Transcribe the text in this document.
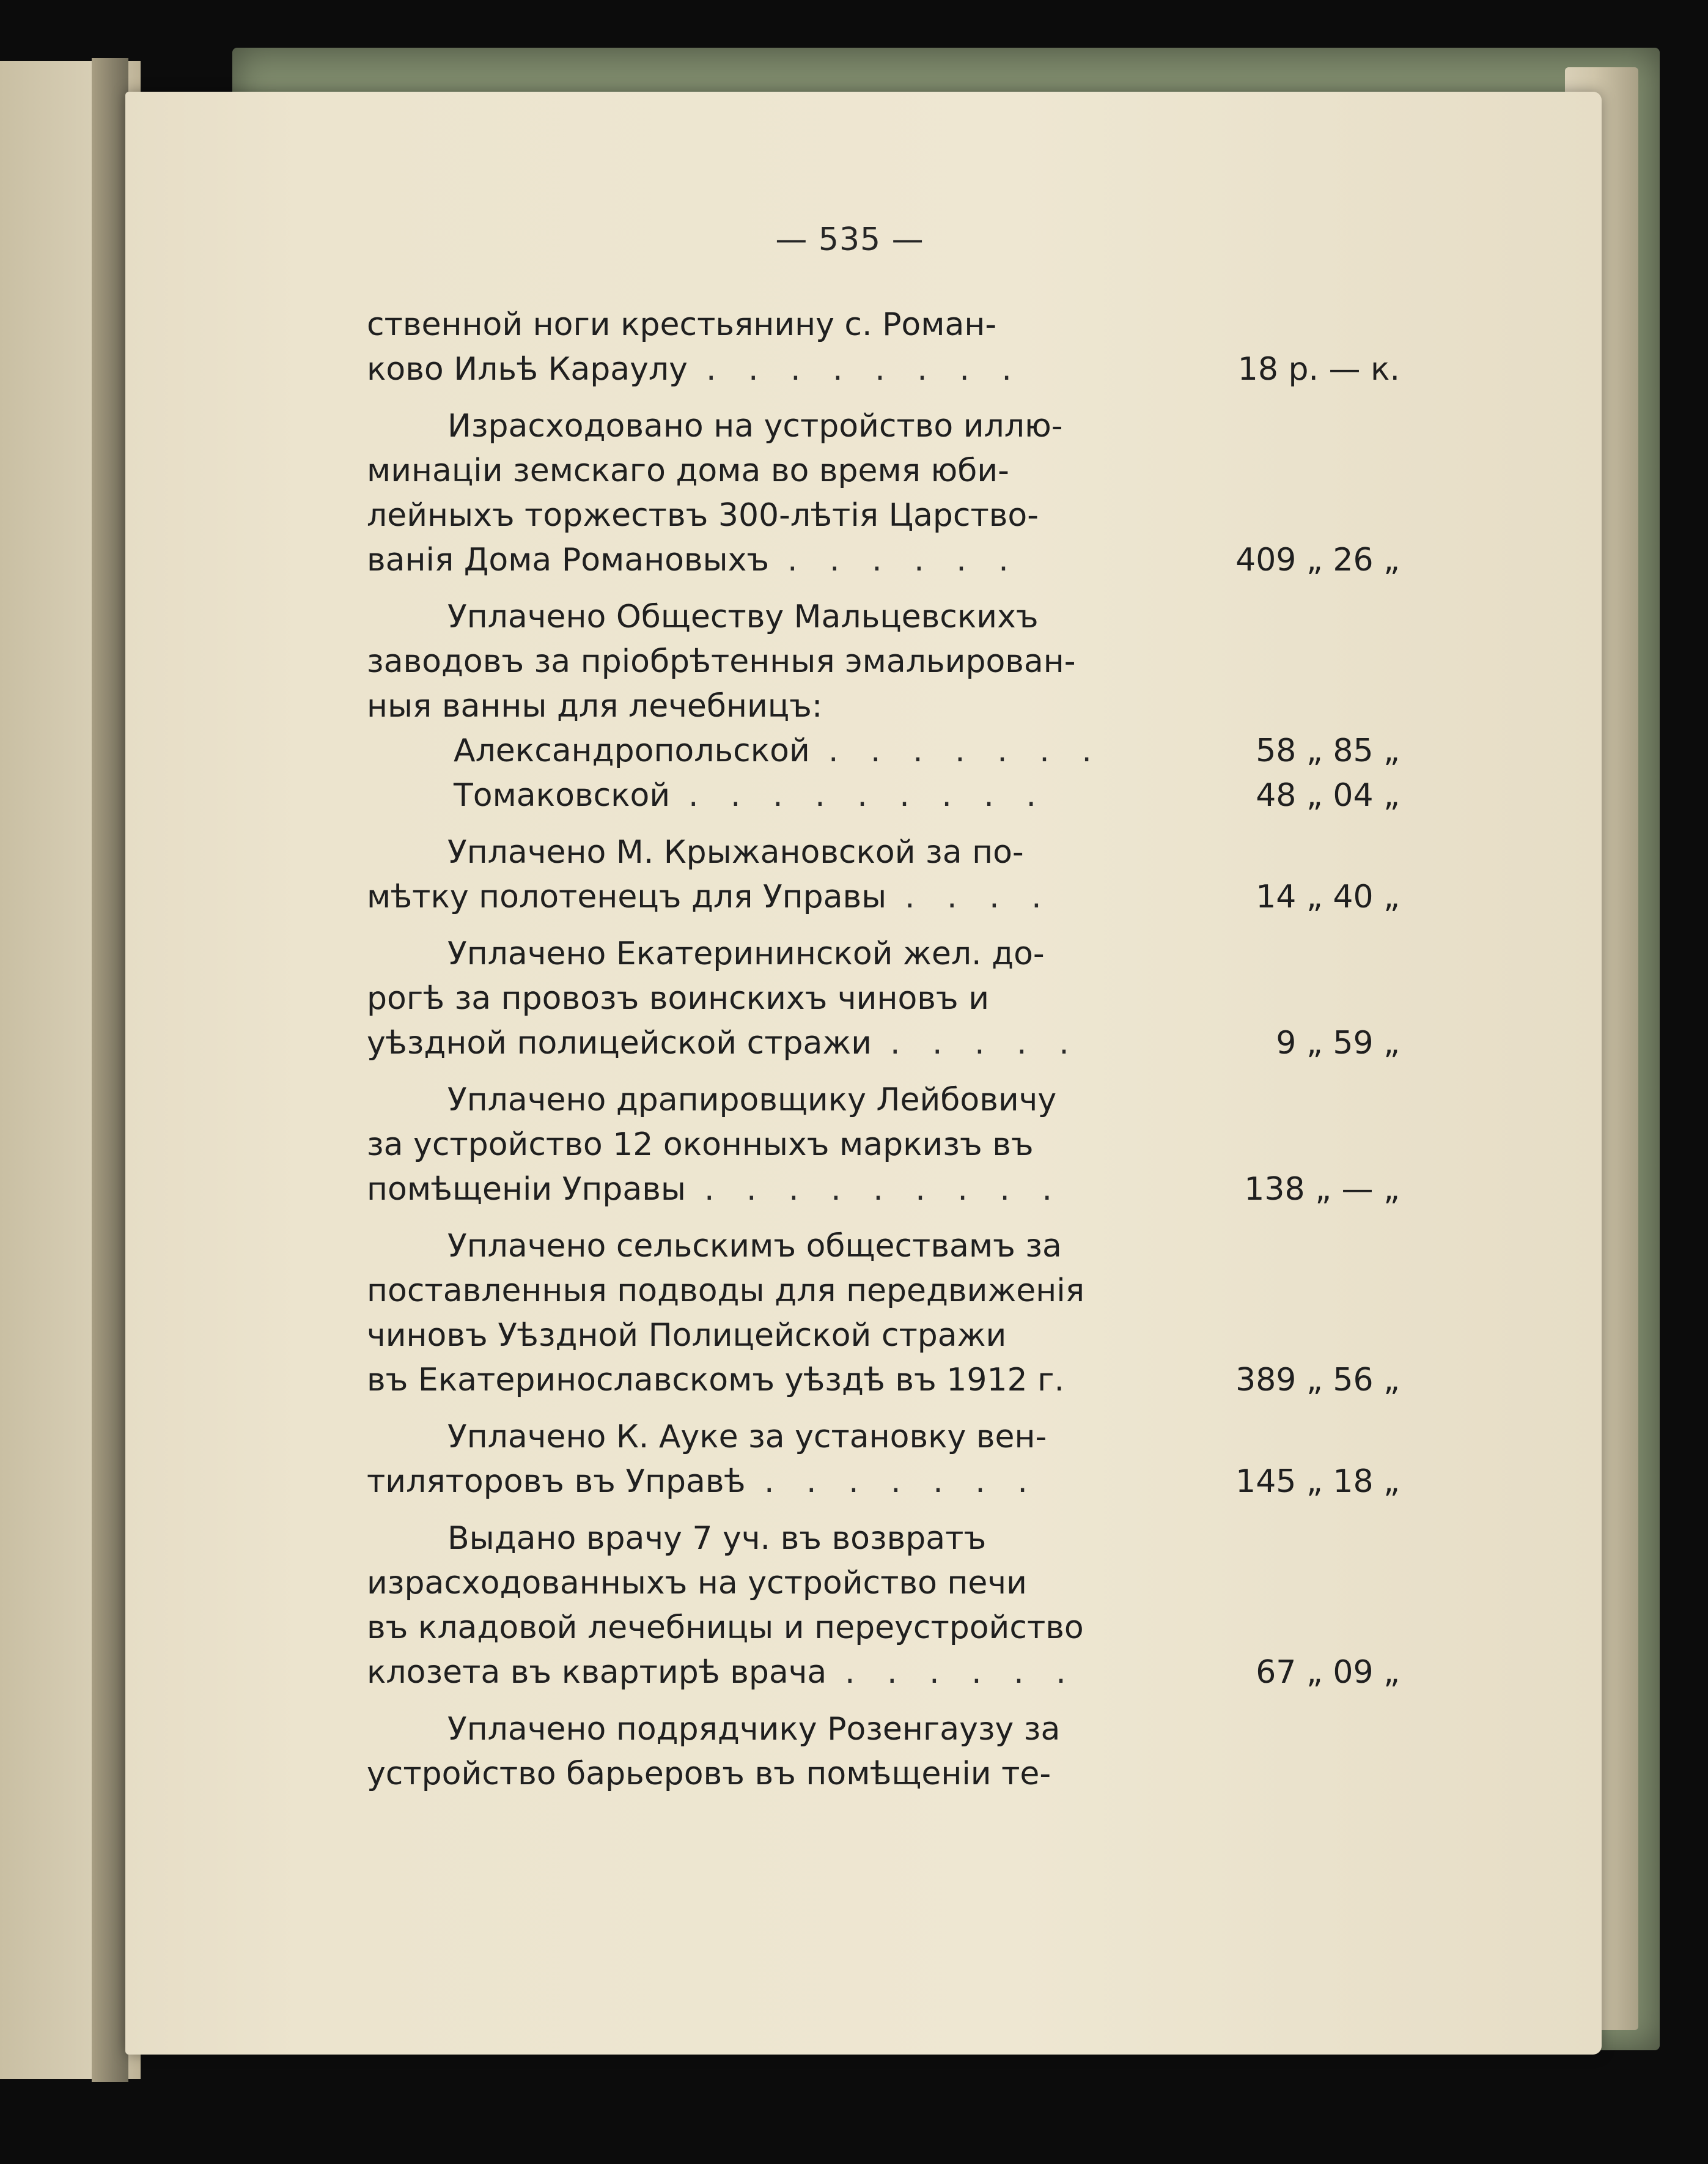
— 535 —
ственной ноги крестьянину с. Роман-
ково Ильѣ Караулу . . . . . . . .	18 р. — к.
Израсходовано на устройство иллю-
минаціи земскаго дома во время юби-
лейныхъ торжествъ 300-лѣтія Царство-
ванія Дома Романовыхъ . . . . . .	409 „ 26 „
Уплачено Обществу Мальцевскихъ
заводовъ за пріобрѣтенныя эмальирован-
ныя ванны для лечебницъ:
Александропольской . . . . . . .	58 „ 85 „
Томаковской . . . . . . . . .	48 „ 04 „
Уплачено М. Крыжановской за по-
мѣтку полотенецъ для Управы . . . .	14 „ 40 „
Уплачено Екатерининской жел. до-
рогѣ за провозъ воинскихъ чиновъ и
уѣздной полицейской стражи . . . . .	9 „ 59 „
Уплачено драпировщику Лейбовичу
за устройство 12 оконныхъ маркизъ въ
помѣщеніи Управы . . . . . . . . .	138 „ — „
Уплачено сельскимъ обществамъ за
поставленныя подводы для передвиженія
чиновъ Уѣздной Полицейской стражи
въ Екатеринославскомъ уѣздѣ въ 1912 г.	389 „ 56 „
Уплачено К. Ауке за установку вен-
тиляторовъ въ Управѣ . . . . . . .	145 „ 18 „
Выдано врачу 7 уч. въ возвратъ
израсходованныхъ на устройство печи
въ кладовой лечебницы и переустройство
клозета въ квартирѣ врача . . . . . .	67 „ 09 „
Уплачено подрядчику Розенгаузу за
устройство барьеровъ въ помѣщеніи те-
